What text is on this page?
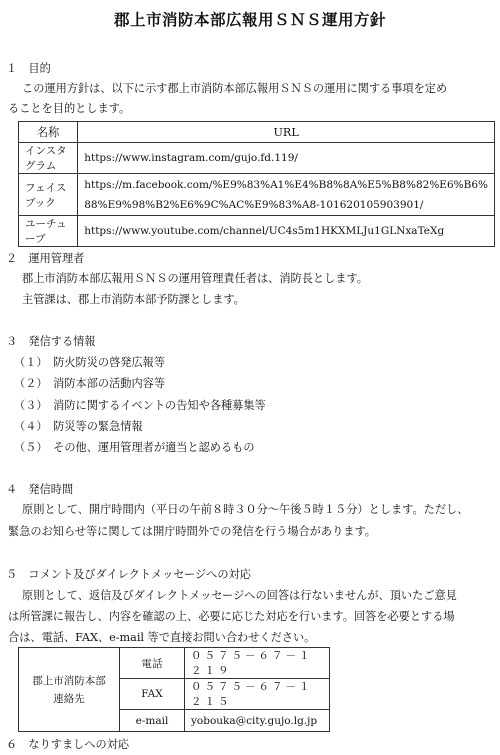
郡上市消防本部広報用ＳＮＳ運用方針
１　目的
この運用方針は、以下に示す郡上市消防本部広報用ＳＮＳの運用に関する事項を定め
ることを目的とします。
名称	URL
インスタグラム	https://www.instagram.com/gujo.fd.119/
フェイスブック	https://m.facebook.com/%E9%83%A1%E4%B8%8A%E5%B8%82%E6%B6%
88%E9%98%B2%E6%9C%AC%E9%83%A8-101620105903901/

ユーチューブ	https://www.youtube.com/channel/UC4s5m1HKXMLJu1GLNxaTeXg
２　運用管理者
郡上市消防本部広報用ＳＮＳの運用管理責任者は、消防長とします。
主管課は、郡上市消防本部予防課とします。
３　発信する情報
（１）　防火防災の啓発広報等
（２）　消防本部の活動内容等
（３）　消防に関するイベントの告知や各種募集等
（４）　防災等の緊急情報
（５）　その他、運用管理者が適当と認めるもの
４　発信時間
原則として、開庁時間内（平日の午前８時３０分～午後５時１５分）とします。ただし、
緊急のお知らせ等に関しては開庁時間外での発信を行う場合があります。
５　コメント及びダイレクトメッセージへの対応
原則として、返信及びダイレクトメッセージへの回答は行ないませんが、頂いたご意見
は所管課に報告し、内容を確認の上、必要に応じた対応を行います。回答を必要とする場
合は、電話、FAX、e-mail 等で直接お問い合わせください。
郡上市消防本部
連絡先	電話	０５７５－６７－１２１９
	FAX	０５７５－６７－１２１５
	e-mail	yobouka@city.gujo.lg.jp
６　なりすましへの対応
